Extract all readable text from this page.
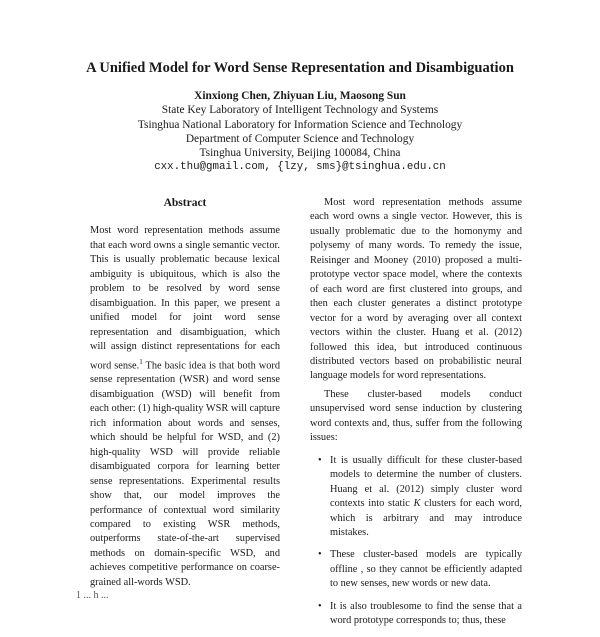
A Unified Model for Word Sense Representation and Disambiguation
Xinxiong Chen, Zhiyuan Liu, Maosong Sun
State Key Laboratory of Intelligent Technology and Systems
Tsinghua National Laboratory for Information Science and Technology
Department of Computer Science and Technology
Tsinghua University, Beijing 100084, China
cxx.thu@gmail.com, {lzy, sms}@tsinghua.edu.cn
Abstract
Most word representation methods assume that each word owns a single semantic vector. This is usually problematic because lexical ambiguity is ubiquitous, which is also the problem to be resolved by word sense disambiguation. In this paper, we present a unified model for joint word sense representation and disambiguation, which will assign distinct representations for each word sense.$^1$ The basic idea is that both word sense representation (WSR) and word sense disambiguation (WSD) will benefit from each other: (1) high-quality WSR will capture rich information about words and senses, which should be helpful for WSD, and (2) high-quality WSD will provide reliable disambiguated corpora for learning better sense representations. Experimental results show that, our model improves the performance of contextual word similarity compared to existing WSR methods, outperforms state-of-the-art supervised methods on domain-specific WSD, and achieves competitive performance on coarse-grained all-words WSD.

Most word representation methods assume each word owns a single vector. However, this is usually problematic due to the homonymy and polysemy of many words. To remedy the issue, Reisinger and Mooney (2010) proposed a multi-prototype vector space model, where the contexts of each word are first clustered into groups, and then each cluster generates a distinct prototype vector for a word by averaging over all context vectors within the cluster. Huang et al. (2012) followed this idea, but introduced continuous distributed vectors based on probabilistic neural language models for word representations.

These cluster-based models conduct unsupervised word sense induction by clustering word contexts and, thus, suffer from the following issues:

• It is usually difficult for these cluster-based models to determine the number of clusters. Huang et al. (2012) simply cluster word contexts into static K clusters for each word, which is arbitrary and may introduce mistakes.
• These cluster-based models are typically offline , so they cannot be efficiently adapted to new senses, new words or new data.
• It is also troublesome to find the sense that a word prototype corresponds to; thus, these
1 ... h ...
